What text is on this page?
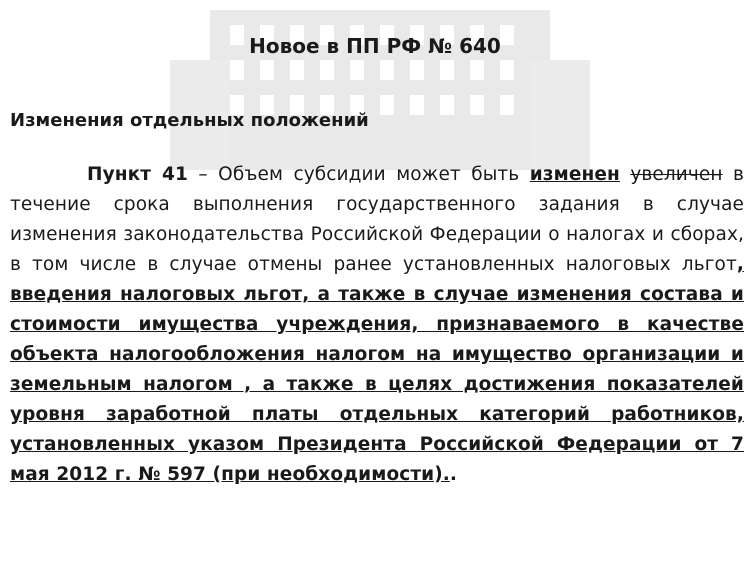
Новое в ПП РФ № 640
Изменения отдельных положений
Пункт 41 – Объем субсидии может быть изменен увеличен в течение срока выполнения государственного задания в случае изменения законодательства Российской Федерации о налогах и сборах, в том числе в случае отмены ранее установленных налоговых льгот, введения налоговых льгот, а также в случае изменения состава и стоимости имущества учреждения, признаваемого в качестве объекта налогообложения налогом на имущество организации и земельным налогом , а также в целях достижения показателей уровня заработной платы отдельных категорий работников, установленных указом Президента Российской Федерации от 7 мая 2012 г. № 597 (при необходимости)..
